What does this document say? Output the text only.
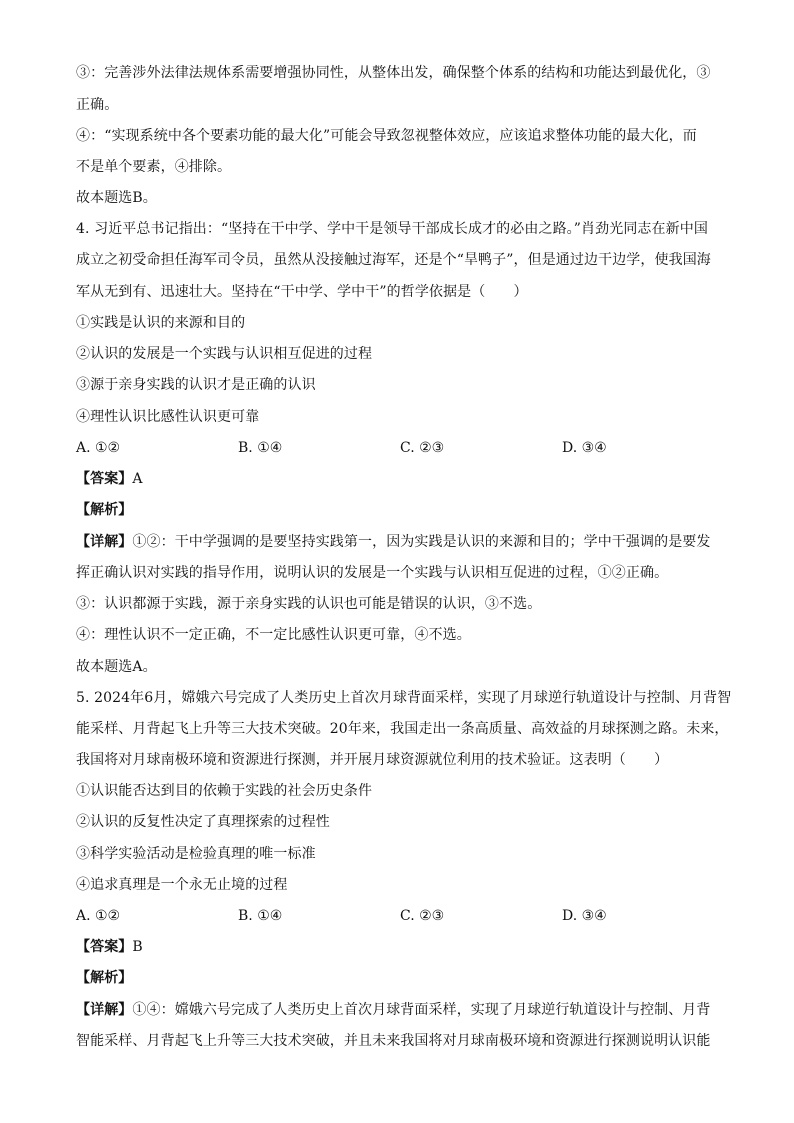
③：完善涉外法律法规体系需要增强协同性，从整体出发，确保整个体系的结构和功能达到最优化，③
正确。
④：“实现系统中各个要素功能的最大化”可能会导致忽视整体效应，应该追求整体功能的最大化，而
不是单个要素，④排除。
故本题选B。
4. 习近平总书记指出：“坚持在干中学、学中干是领导干部成长成才的必由之路。”肖劲光同志在新中国
成立之初受命担任海军司令员，虽然从没接触过海军，还是个“旱鸭子”，但是通过边干边学，使我国海
军从无到有、迅速壮大。坚持在“干中学、学中干”的哲学依据是（　　）
①实践是认识的来源和目的
②认识的发展是一个实践与认识相互促进的过程
③源于亲身实践的认识才是正确的认识
④理性认识比感性认识更可靠
A. ①②	B. ①④	C. ②③	D. ③④
【答案】A
【解析】
【详解】①②：干中学强调的是要坚持实践第一，因为实践是认识的来源和目的；学中干强调的是要发
挥正确认识对实践的指导作用，说明认识的发展是一个实践与认识相互促进的过程，①②正确。
③：认识都源于实践，源于亲身实践的认识也可能是错误的认识，③不选。
④：理性认识不一定正确，不一定比感性认识更可靠，④不选。
故本题选A。
5. 2024年6月，嫦娥六号完成了人类历史上首次月球背面采样，实现了月球逆行轨道设计与控制、月背智
能采样、月背起飞上升等三大技术突破。20年来，我国走出一条高质量、高效益的月球探测之路。未来，
我国将对月球南极环境和资源进行探测，并开展月球资源就位利用的技术验证。这表明（　　）
①认识能否达到目的依赖于实践的社会历史条件
②认识的反复性决定了真理探索的过程性
③科学实验活动是检验真理的唯一标准
④追求真理是一个永无止境的过程
A. ①②	B. ①④	C. ②③	D. ③④
【答案】B
【解析】
【详解】①④：嫦娥六号完成了人类历史上首次月球背面采样，实现了月球逆行轨道设计与控制、月背
智能采样、月背起飞上升等三大技术突破，并且未来我国将对月球南极环境和资源进行探测说明认识能
